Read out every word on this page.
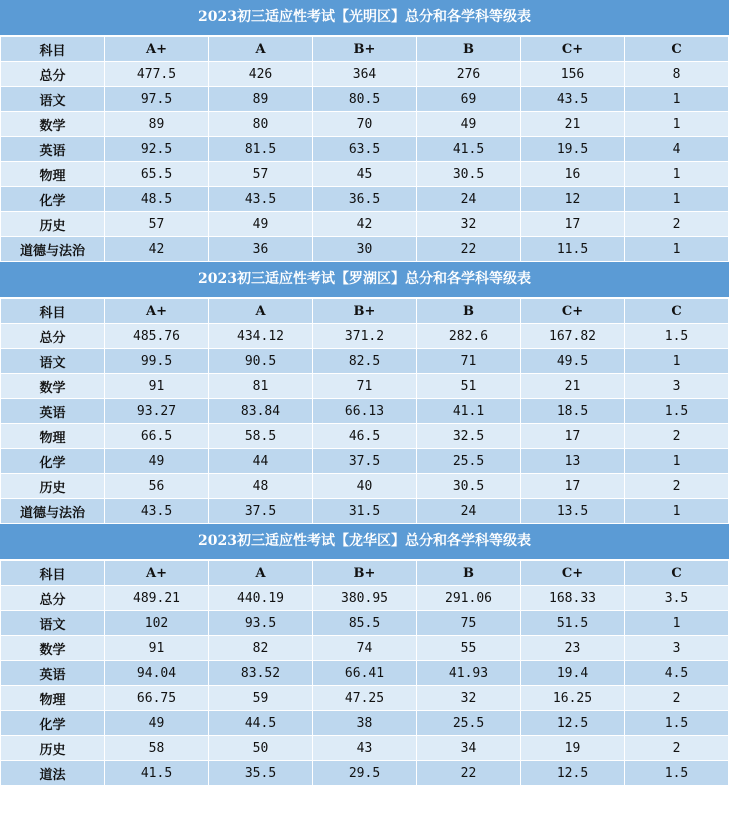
2023初三适应性考试【光明区】总分和各学科等级表
科目	A+	A	B+	B	C+	C
总分	477.5	426	364	276	156	8
语文	97.5	89	80.5	69	43.5	1
数学	89	80	70	49	21	1
英语	92.5	81.5	63.5	41.5	19.5	4
物理	65.5	57	45	30.5	16	1
化学	48.5	43.5	36.5	24	12	1
历史	57	49	42	32	17	2
道德与法治	42	36	30	22	11.5	1
2023初三适应性考试【罗湖区】总分和各学科等级表
科目	A+	A	B+	B	C+	C
总分	485.76	434.12	371.2	282.6	167.82	1.5
语文	99.5	90.5	82.5	71	49.5	1
数学	91	81	71	51	21	3
英语	93.27	83.84	66.13	41.1	18.5	1.5
物理	66.5	58.5	46.5	32.5	17	2
化学	49	44	37.5	25.5	13	1
历史	56	48	40	30.5	17	2
道德与法治	43.5	37.5	31.5	24	13.5	1
2023初三适应性考试【龙华区】总分和各学科等级表
科目	A+	A	B+	B	C+	C
总分	489.21	440.19	380.95	291.06	168.33	3.5
语文	102	93.5	85.5	75	51.5	1
数学	91	82	74	55	23	3
英语	94.04	83.52	66.41	41.93	19.4	4.5
物理	66.75	59	47.25	32	16.25	2
化学	49	44.5	38	25.5	12.5	1.5
历史	58	50	43	34	19	2
道法	41.5	35.5	29.5	22	12.5	1.5
